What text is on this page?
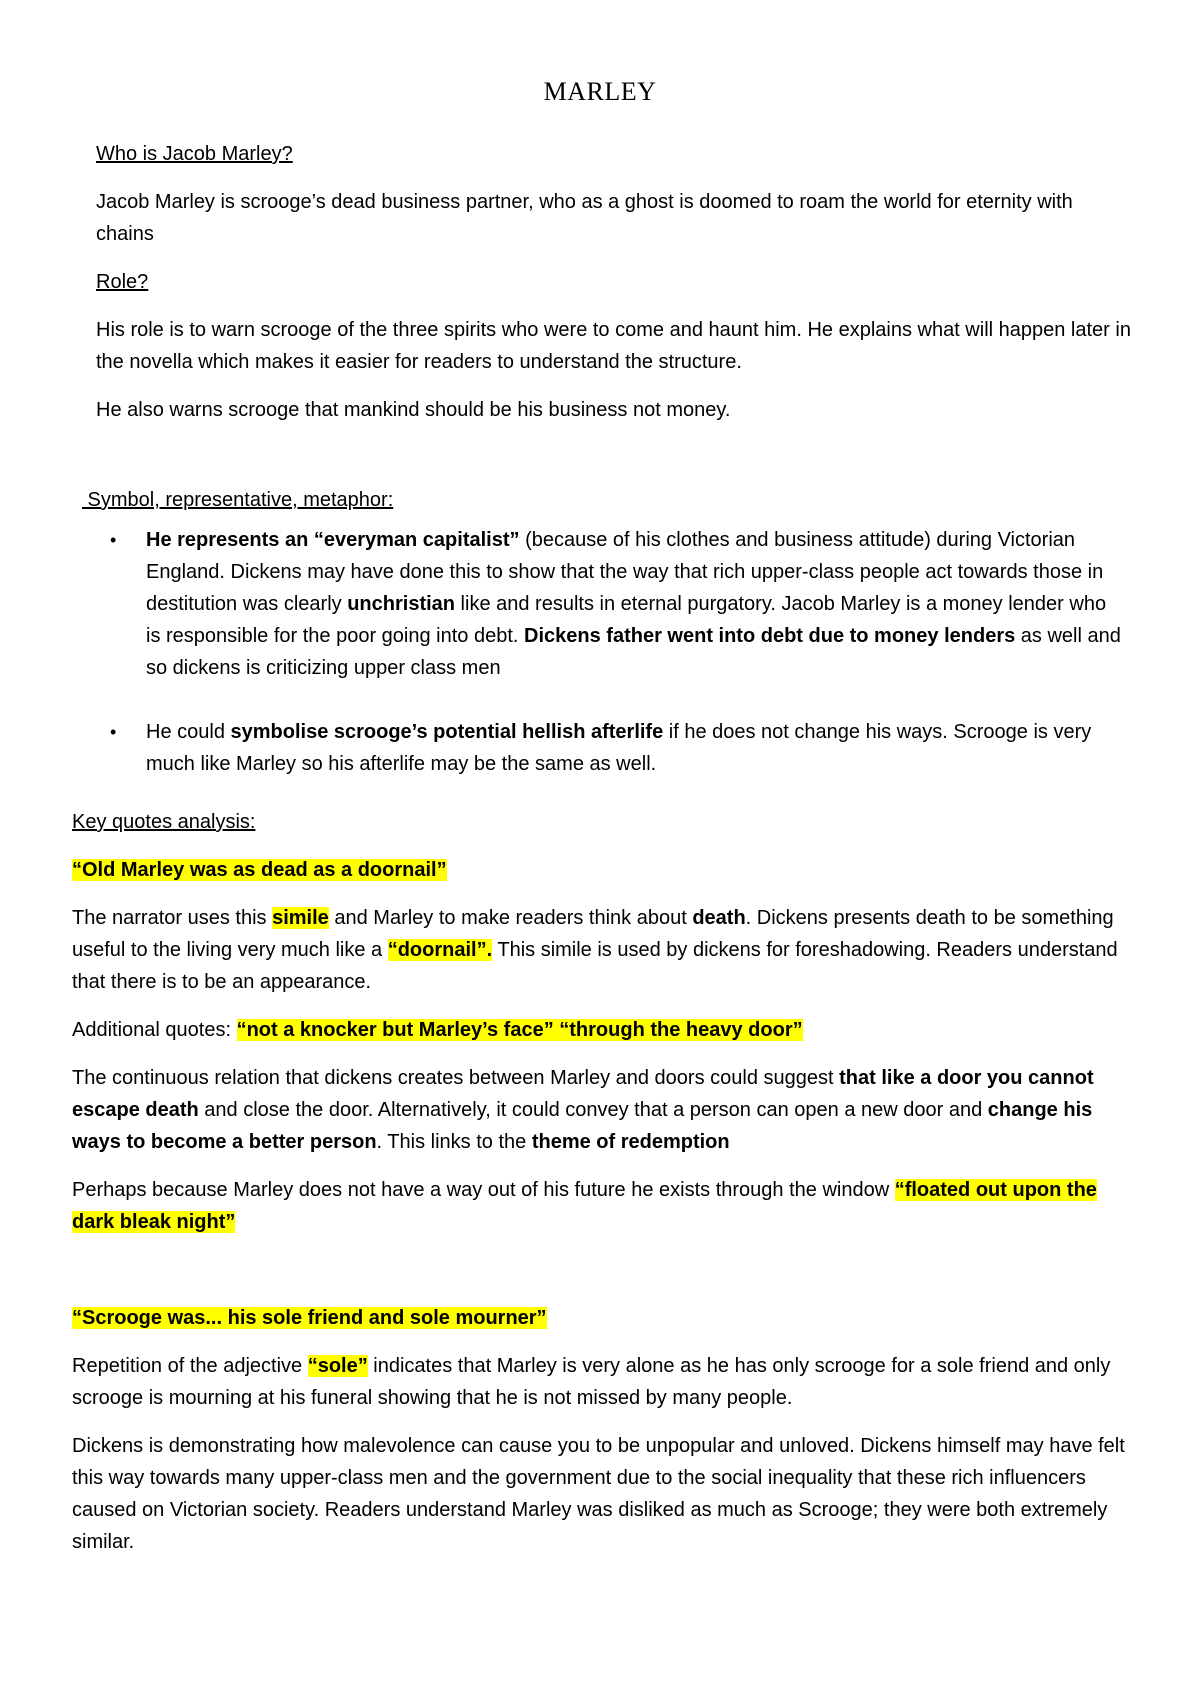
MARLEY

Who is Jacob Marley?

Jacob Marley is scrooge’s dead business partner, who as a ghost is doomed to roam the world for eternity with chains

Role?

His role is to warn scrooge of the three spirits who were to come and haunt him. He explains what will happen later in the novella which makes it easier for readers to understand the structure.

He also warns scrooge that mankind should be his business not money.

Symbol, representative, metaphor:

• He represents an “everyman capitalist” (because of his clothes and business attitude) during Victorian England. Dickens may have done this to show that the way that rich upper-class people act towards those in destitution was clearly unchristian like and results in eternal purgatory. Jacob Marley is a money lender who is responsible for the poor going into debt. Dickens father went into debt due to money lenders as well and so dickens is criticizing upper class men
• He could symbolise scrooge’s potential hellish afterlife if he does not change his ways. Scrooge is very much like Marley so his afterlife may be the same as well.

Key quotes analysis:

“Old Marley was as dead as a doornail”

The narrator uses this simile and Marley to make readers think about death. Dickens presents death to be something useful to the living very much like a “doornail”. This simile is used by dickens for foreshadowing. Readers understand that there is to be an appearance.

Additional quotes: “not a knocker but Marley’s face” “through the heavy door”

The continuous relation that dickens creates between Marley and doors could suggest that like a door you cannot escape death and close the door. Alternatively, it could convey that a person can open a new door and change his ways to become a better person. This links to the theme of redemption

Perhaps because Marley does not have a way out of his future he exists through the window “floated out upon the dark bleak night”

“Scrooge was... his sole friend and sole mourner”

Repetition of the adjective “sole” indicates that Marley is very alone as he has only scrooge for a sole friend and only scrooge is mourning at his funeral showing that he is not missed by many people.

Dickens is demonstrating how malevolence can cause you to be unpopular and unloved. Dickens himself may have felt this way towards many upper-class men and the government due to the social inequality that these rich influencers caused on Victorian society. Readers understand Marley was disliked as much as Scrooge; they were both extremely similar.
